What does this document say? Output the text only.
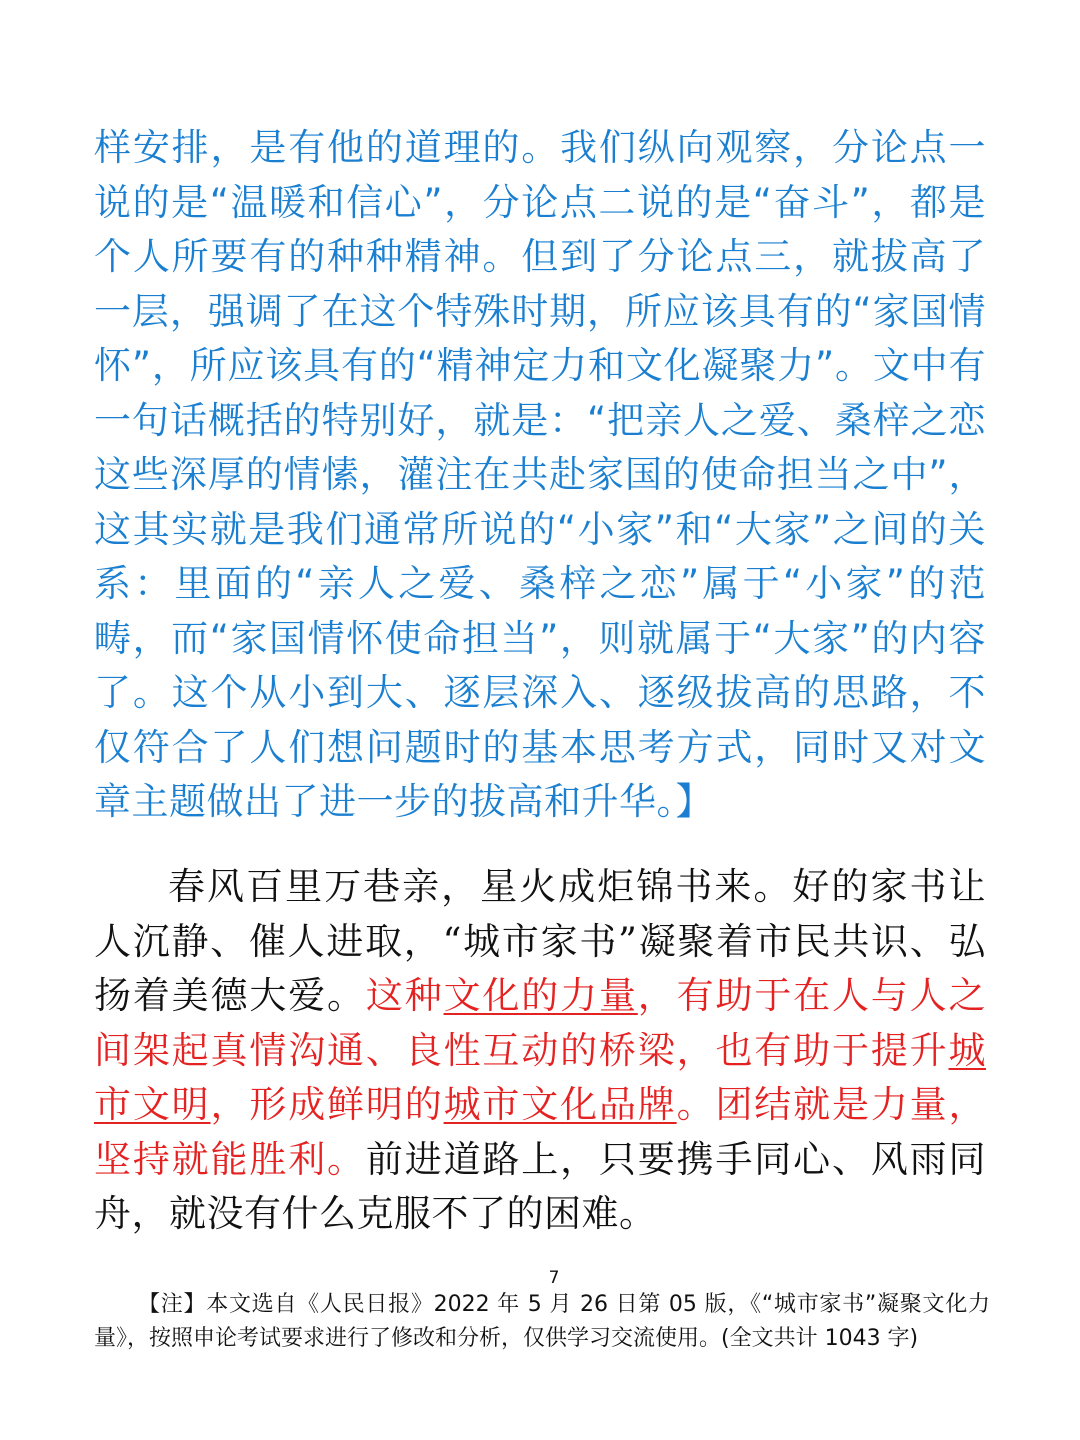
样安排，是有他的道理的。我们纵向观察，分论点一说的是“温暖和信心”，分论点二说的是“奋斗”，都是个人所要有的种种精神。但到了分论点三，就拔高了一层，强调了在这个特殊时期，所应该具有的“家国情怀”，所应该具有的“精神定力和文化凝聚力”。文中有一句话概括的特别好，就是：“把亲人之爱、桑梓之恋这些深厚的情愫，灌注在共赴家国的使命担当之中”，这其实就是我们通常所说的“小家”和“大家”之间的关系：里面的“亲人之爱、桑梓之恋”属于“小家”的范畴，而“家国情怀使命担当”，则就属于“大家”的内容了。这个从小到大、逐层深入、逐级拔高的思路，不仅符合了人们想问题时的基本思考方式，同时又对文章主题做出了进一步的拔高和升华。】

春风百里万巷亲，星火成炬锦书来。好的家书让人沉静、催人进取，“城市家书”凝聚着市民共识、弘扬着美德大爱。这种文化的力量，有助于在人与人之间架起真情沟通、良性互动的桥梁，也有助于提升城市文明，形成鲜明的城市文化品牌。团结就是力量，坚持就能胜利。前进道路上，只要携手同心、风雨同舟，就没有什么克服不了的困难。

7

【注】本文选自《人民日报》2022 年 5 月 26 日第 05 版，《“城市家书”凝聚文化力量》，按照申论考试要求进行了修改和分析，仅供学习交流使用。(全文共计 1043 字)
